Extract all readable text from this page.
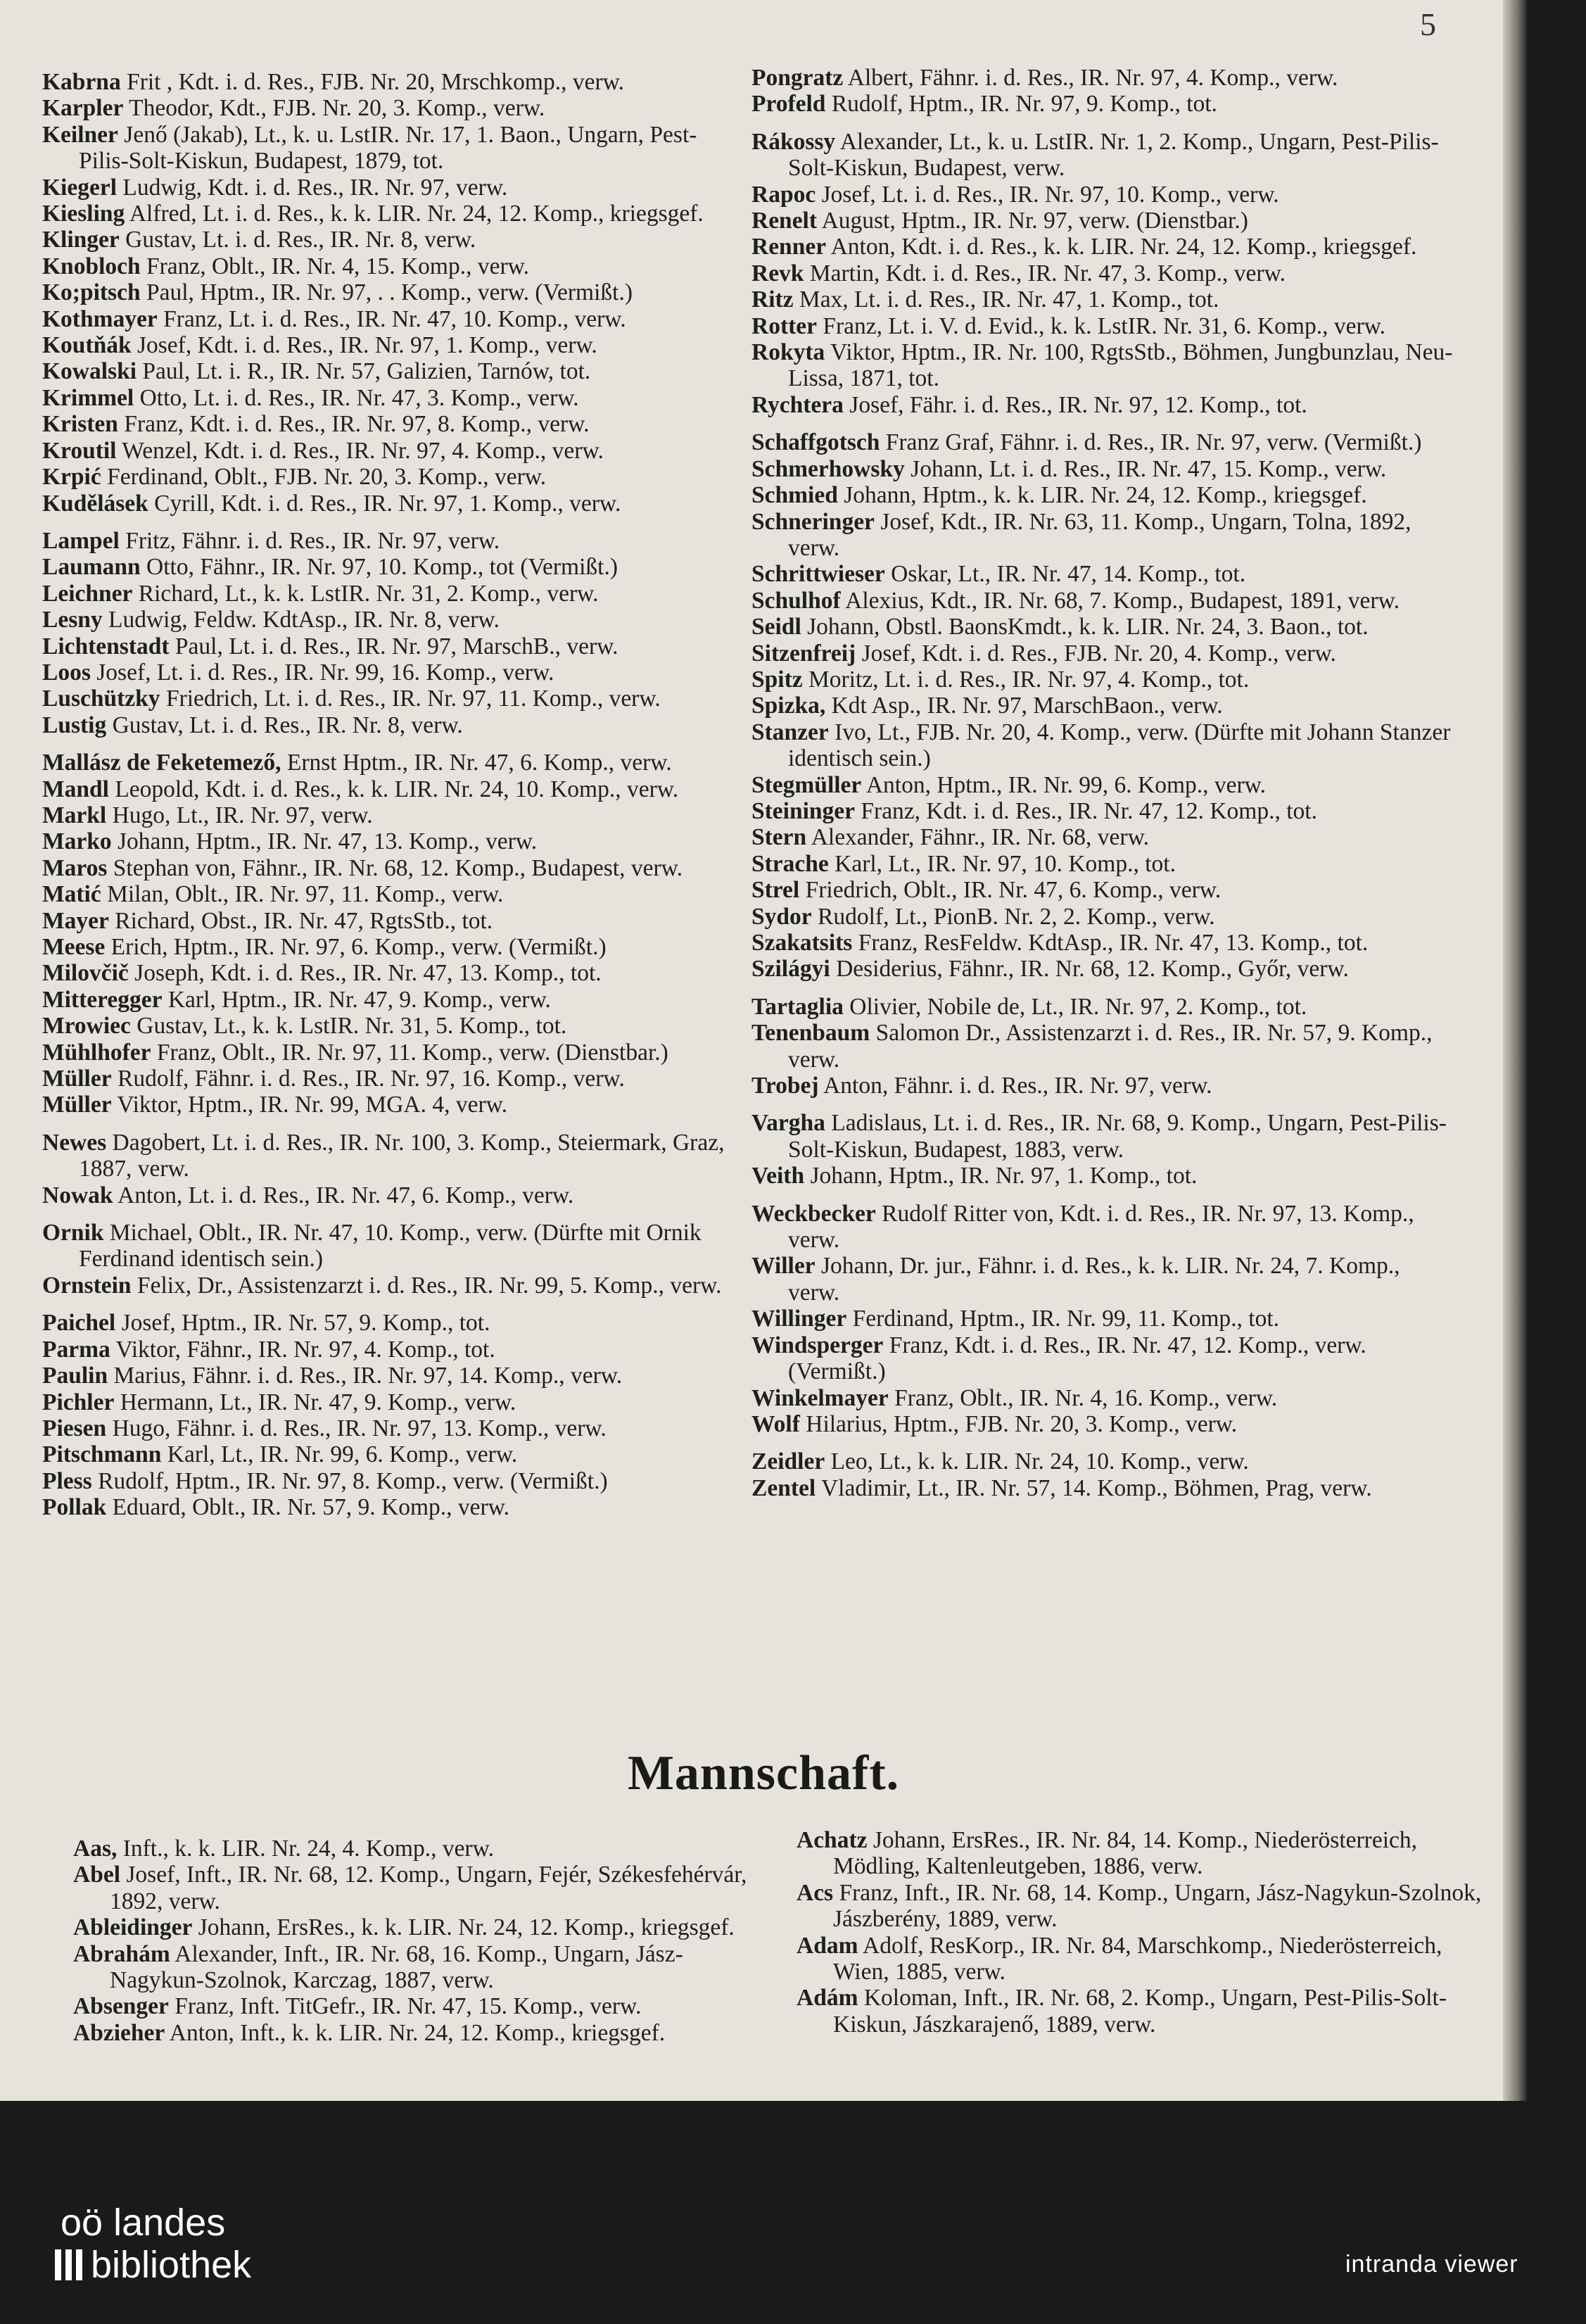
5
Kabrna Frit , Kdt. i. d. Res., FJB. Nr. 20, Mrschkomp., verw.
Karpler Theodor, Kdt., FJB. Nr. 20, 3. Komp., verw.
Keilner Jenő (Jakab), Lt., k. u. LstIR. Nr. 17, 1. Baon., Ungarn, Pest-Pilis-Solt-Kiskun, Budapest, 1879, tot.
Kiegerl Ludwig, Kdt. i. d. Res., IR. Nr. 97, verw.
Kiesling Alfred, Lt. i. d. Res., k. k. LIR. Nr. 24, 12. Komp., kriegsgef.
Klinger Gustav, Lt. i. d. Res., IR. Nr. 8, verw.
Knobloch Franz, Oblt., IR. Nr. 4, 15. Komp., verw.
Ko;pitsch Paul, Hptm., IR. Nr. 97, . . Komp., verw. (Vermißt.)
Kothmayer Franz, Lt. i. d. Res., IR. Nr. 47, 10. Komp., verw.
Koutňák Josef, Kdt. i. d. Res., IR. Nr. 97, 1. Komp., verw.
Kowalski Paul, Lt. i. R., IR. Nr. 57, Galizien, Tarnów, tot.
Krimmel Otto, Lt. i. d. Res., IR. Nr. 47, 3. Komp., verw.
Kristen Franz, Kdt. i. d. Res., IR. Nr. 97, 8. Komp., verw.
Kroutil Wenzel, Kdt. i. d. Res., IR. Nr. 97, 4. Komp., verw.
Krpić Ferdinand, Oblt., FJB. Nr. 20, 3. Komp., verw.
Kudělásek Cyrill, Kdt. i. d. Res., IR. Nr. 97, 1. Komp., verw.
Lampel Fritz, Fähnr. i. d. Res., IR. Nr. 97, verw.
Laumann Otto, Fähnr., IR. Nr. 97, 10. Komp., tot (Vermißt.)
Leichner Richard, Lt., k. k. LstIR. Nr. 31, 2. Komp., verw.
Lesny Ludwig, Feldw. KdtAsp., IR. Nr. 8, verw.
Lichtenstadt Paul, Lt. i. d. Res., IR. Nr. 97, MarschB., verw.
Loos Josef, Lt. i. d. Res., IR. Nr. 99, 16. Komp., verw.
Luschützky Friedrich, Lt. i. d. Res., IR. Nr. 97, 11. Komp., verw.
Lustig Gustav, Lt. i. d. Res., IR. Nr. 8, verw.
Mallász de Feketemező, Ernst Hptm., IR. Nr. 47, 6. Komp., verw.
Mandl Leopold, Kdt. i. d. Res., k. k. LIR. Nr. 24, 10. Komp., verw.
Markl Hugo, Lt., IR. Nr. 97, verw.
Marko Johann, Hptm., IR. Nr. 47, 13. Komp., verw.
Maros Stephan von, Fähnr., IR. Nr. 68, 12. Komp., Budapest, verw.
Matić Milan, Oblt., IR. Nr. 97, 11. Komp., verw.
Mayer Richard, Obst., IR. Nr. 47, RgtsStb., tot.
Meese Erich, Hptm., IR. Nr. 97, 6. Komp., verw. (Vermißt.)
Milovčič Joseph, Kdt. i. d. Res., IR. Nr. 47, 13. Komp., tot.
Mitteregger Karl, Hptm., IR. Nr. 47, 9. Komp., verw.
Mrowiec Gustav, Lt., k. k. LstIR. Nr. 31, 5. Komp., tot.
Mühlhofer Franz, Oblt., IR. Nr. 97, 11. Komp., verw. (Dienstbar.)
Müller Rudolf, Fähnr. i. d. Res., IR. Nr. 97, 16. Komp., verw.
Müller Viktor, Hptm., IR. Nr. 99, MGA. 4, verw.
Newes Dagobert, Lt. i. d. Res., IR. Nr. 100, 3. Komp., Steiermark, Graz, 1887, verw.
Nowak Anton, Lt. i. d. Res., IR. Nr. 47, 6. Komp., verw.
Ornik Michael, Oblt., IR. Nr. 47, 10. Komp., verw. (Dürfte mit Ornik Ferdinand identisch sein.)
Ornstein Felix, Dr., Assistenzarzt i. d. Res., IR. Nr. 99, 5. Komp., verw.
Paichel Josef, Hptm., IR. Nr. 57, 9. Komp., tot.
Parma Viktor, Fähnr., IR. Nr. 97, 4. Komp., tot.
Paulin Marius, Fähnr. i. d. Res., IR. Nr. 97, 14. Komp., verw.
Pichler Hermann, Lt., IR. Nr. 47, 9. Komp., verw.
Piesen Hugo, Fähnr. i. d. Res., IR. Nr. 97, 13. Komp., verw.
Pitschmann Karl, Lt., IR. Nr. 99, 6. Komp., verw.
Pless Rudolf, Hptm., IR. Nr. 97, 8. Komp., verw. (Vermißt.)
Pollak Eduard, Oblt., IR. Nr. 57, 9. Komp., verw.
Pongratz Albert, Fähnr. i. d. Res., IR. Nr. 97, 4. Komp., verw.
Profeld Rudolf, Hptm., IR. Nr. 97, 9. Komp., tot.
Rákossy Alexander, Lt., k. u. LstIR. Nr. 1, 2. Komp., Ungarn, Pest-Pilis-Solt-Kiskun, Budapest, verw.
Rapoc Josef, Lt. i. d. Res., IR. Nr. 97, 10. Komp., verw.
Renelt August, Hptm., IR. Nr. 97, verw. (Dienstbar.)
Renner Anton, Kdt. i. d. Res., k. k. LIR. Nr. 24, 12. Komp., kriegsgef.
Revk Martin, Kdt. i. d. Res., IR. Nr. 47, 3. Komp., verw.
Ritz Max, Lt. i. d. Res., IR. Nr. 47, 1. Komp., tot.
Rotter Franz, Lt. i. V. d. Evid., k. k. LstIR. Nr. 31, 6. Komp., verw.
Rokyta Viktor, Hptm., IR. Nr. 100, RgtsStb., Böhmen, Jungbunzlau, Neu-Lissa, 1871, tot.
Rychtera Josef, Fähr. i. d. Res., IR. Nr. 97, 12. Komp., tot.
Schaffgotsch Franz Graf, Fähnr. i. d. Res., IR. Nr. 97, verw. (Vermißt.)
Schmerhowsky Johann, Lt. i. d. Res., IR. Nr. 47, 15. Komp., verw.
Schmied Johann, Hptm., k. k. LIR. Nr. 24, 12. Komp., kriegsgef.
Schneringer Josef, Kdt., IR. Nr. 63, 11. Komp., Ungarn, Tolna, 1892, verw.
Schrittwieser Oskar, Lt., IR. Nr. 47, 14. Komp., tot.
Schulhof Alexius, Kdt., IR. Nr. 68, 7. Komp., Budapest, 1891, verw.
Seidl Johann, Obstl. BaonsKmdt., k. k. LIR. Nr. 24, 3. Baon., tot.
Sitzenfreij Josef, Kdt. i. d. Res., FJB. Nr. 20, 4. Komp., verw.
Spitz Moritz, Lt. i. d. Res., IR. Nr. 97, 4. Komp., tot.
Spizka, Kdt Asp., IR. Nr. 97, MarschBaon., verw.
Stanzer Ivo, Lt., FJB. Nr. 20, 4. Komp., verw. (Dürfte mit Johann Stanzer identisch sein.)
Stegmüller Anton, Hptm., IR. Nr. 99, 6. Komp., verw.
Steininger Franz, Kdt. i. d. Res., IR. Nr. 47, 12. Komp., tot.
Stern Alexander, Fähnr., IR. Nr. 68, verw.
Strache Karl, Lt., IR. Nr. 97, 10. Komp., tot.
Strel Friedrich, Oblt., IR. Nr. 47, 6. Komp., verw.
Sydor Rudolf, Lt., PionB. Nr. 2, 2. Komp., verw.
Szakatsits Franz, ResFeldw. KdtAsp., IR. Nr. 47, 13. Komp., tot.
Szilágyi Desiderius, Fähnr., IR. Nr. 68, 12. Komp., Győr, verw.
Tartaglia Olivier, Nobile de, Lt., IR. Nr. 97, 2. Komp., tot.
Tenenbaum Salomon Dr., Assistenzarzt i. d. Res., IR. Nr. 57, 9. Komp., verw.
Trobej Anton, Fähnr. i. d. Res., IR. Nr. 97, verw.
Vargha Ladislaus, Lt. i. d. Res., IR. Nr. 68, 9. Komp., Ungarn, Pest-Pilis-Solt-Kiskun, Budapest, 1883, verw.
Veith Johann, Hptm., IR. Nr. 97, 1. Komp., tot.
Weckbecker Rudolf Ritter von, Kdt. i. d. Res., IR. Nr. 97, 13. Komp., verw.
Willer Johann, Dr. jur., Fähnr. i. d. Res., k. k. LIR. Nr. 24, 7. Komp., verw.
Willinger Ferdinand, Hptm., IR. Nr. 99, 11. Komp., tot.
Windsperger Franz, Kdt. i. d. Res., IR. Nr. 47, 12. Komp., verw. (Vermißt.)
Winkelmayer Franz, Oblt., IR. Nr. 4, 16. Komp., verw.
Wolf Hilarius, Hptm., FJB. Nr. 20, 3. Komp., verw.
Zeidler Leo, Lt., k. k. LIR. Nr. 24, 10. Komp., verw.
Zentel Vladimir, Lt., IR. Nr. 57, 14. Komp., Böhmen, Prag, verw.
Mannschaft.
Aas, Inft., k. k. LIR. Nr. 24, 4. Komp., verw.
Abel Josef, Inft., IR. Nr. 68, 12. Komp., Ungarn, Fejér, Székesfehérvár, 1892, verw.
Ableidinger Johann, ErsRes., k. k. LIR. Nr. 24, 12. Komp., kriegsgef.
Abrahám Alexander, Inft., IR. Nr. 68, 16. Komp., Ungarn, Jász-Nagykun-Szolnok, Karczag, 1887, verw.
Absenger Franz, Inft. TitGefr., IR. Nr. 47, 15. Komp., verw.
Abzieher Anton, Inft., k. k. LIR. Nr. 24, 12. Komp., kriegsgef.
Achatz Johann, ErsRes., IR. Nr. 84, 14. Komp., Niederösterreich, Mödling, Kaltenleutgeben, 1886, verw.
Acs Franz, Inft., IR. Nr. 68, 14. Komp., Ungarn, Jász-Nagykun-Szolnok, Jászberény, 1889, verw.
Adam Adolf, ResKorp., IR. Nr. 84, Marschkomp., Niederösterreich, Wien, 1885, verw.
Adám Koloman, Inft., IR. Nr. 68, 2. Komp., Ungarn, Pest-Pilis-Solt-Kiskun, Jászkarajenő, 1889, verw.
oö landes
bibliothek	intranda viewer
